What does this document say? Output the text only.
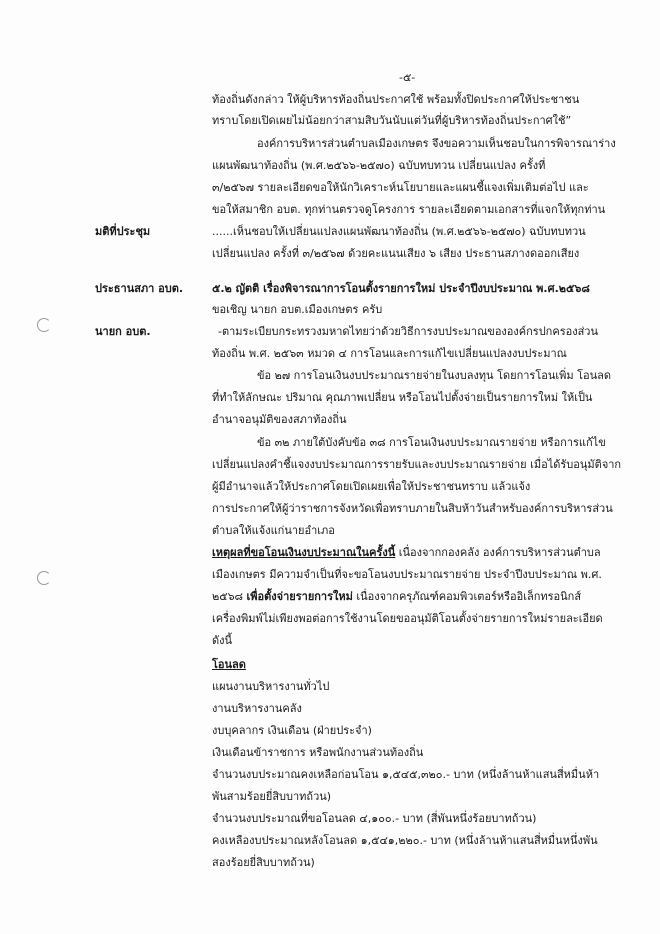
-๕-
ท้องถิ่นดังกล่าว ให้ผู้บริหารท้องถิ่นประกาศใช้ พร้อมทั้งปิดประกาศให้ประชาชน
ทราบโดยเปิดเผยไม่น้อยกว่าสามสิบวันนับแต่วันที่ผู้บริหารท้องถิ่นประกาศใช้”
องค์การบริหารส่วนตำบลเมืองเกษตร จึงขอความเห็นชอบในการพิจารณาร่าง
แผนพัฒนาท้องถิ่น (พ.ศ.๒๕๖๖-๒๕๗๐) ฉบับทบทวน เปลี่ยนแปลง ครั้งที่
๓/๒๕๖๗ รายละเอียดขอให้นักวิเคราะห์นโยบายและแผนชี้แจงเพิ่มเติมต่อไป และ
ขอให้สมาชิก อบต. ทุกท่านตรวจดูโครงการ รายละเอียดตามเอกสารที่แจกให้ทุกท่าน
มติที่ประชุม	......เห็นชอบให้เปลี่ยนแปลงแผนพัฒนาท้องถิ่น (พ.ศ.๒๕๖๖-๒๕๗๐) ฉบับทบทวน
เปลี่ยนแปลง ครั้งที่ ๓/๒๕๖๗ ด้วยคะแนนเสียง ๖ เสียง ประธานสภางดออกเสียง
ประธานสภา อบต.	๕.๒ ญัตติ เรื่องพิจารณาการโอนตั้งรายการใหม่ ประจำปีงบประมาณ พ.ศ.๒๕๖๘
ขอเชิญ นายก อบต.เมืองเกษตร ครับ
นายก อบต.	-ตามระเบียบกระทรวงมหาดไทยว่าด้วยวิธีการงบประมาณขององค์กรปกครองส่วน
ท้องถิ่น พ.ศ. ๒๕๖๓ หมวด ๔ การโอนและการแก้ไขเปลี่ยนแปลงงบประมาณ
ข้อ ๒๗ การโอนเงินงบประมาณรายจ่ายในงบลงทุน โดยการโอนเพิ่ม โอนลด
ที่ทำให้ลักษณะ ปริมาณ คุณภาพเปลี่ยน หรือโอนไปตั้งจ่ายเป็นรายการใหม่ ให้เป็น
อำนาจอนุมัติของสภาท้องถิ่น
ข้อ ๓๒ ภายใต้บังคับข้อ ๓๘ การโอนเงินงบประมาณรายจ่าย หรือการแก้ไข
เปลี่ยนแปลงคำชี้แจงงบประมาณการรายรับและงบประมาณรายจ่าย เมื่อได้รับอนุมัติจาก
ผู้มีอำนาจแล้วให้ประกาศโดยเปิดเผยเพื่อให้ประชาชนทราบ แล้วแจ้ง
การประกาศให้ผู้ว่าราชการจังหวัดเพื่อทราบภายในสิบห้าวันสำหรับองค์การบริหารส่วน
ตำบลให้แจ้งแก่นายอำเภอ
เหตุผลที่ขอโอนเงินงบประมาณในครั้งนี้ เนื่องจากกองคลัง องค์การบริหารส่วนตำบล
เมืองเกษตร มีความจำเป็นที่จะขอโอนงบประมาณรายจ่าย ประจำปีงบประมาณ พ.ศ.
๒๕๖๘ เพื่อตั้งจ่ายรายการใหม่ เนื่องจากครุภัณฑ์คอมพิวเตอร์หรืออิเล็กทรอนิกส์
เครื่องพิมพ์ไม่เพียงพอต่อการใช้งานโดยขออนุมัติโอนตั้งจ่ายรายการใหม่รายละเอียด
ดังนี้
โอนลด
แผนงานบริหารงานทั่วไป
งานบริหารงานคลัง
งบบุคลากร เงินเดือน (ฝ่ายประจำ)
เงินเดือนข้าราชการ หรือพนักงานส่วนท้องถิ่น
จำนวนงบประมาณคงเหลือก่อนโอน ๑,๕๔๕,๓๒๐.- บาท (หนึ่งล้านห้าแสนสี่หมื่นห้า
พันสามร้อยยี่สิบบาทถ้วน)
จำนวนงบประมาณที่ขอโอนลด ๔,๑๐๐.- บาท (สี่พันหนึ่งร้อยบาทถ้วน)
คงเหลืองบประมาณหลังโอนลด ๑,๕๔๑,๒๒๐.- บาท (หนึ่งล้านห้าแสนสี่หมื่นหนึ่งพัน
สองร้อยยี่สิบบาทถ้วน)
